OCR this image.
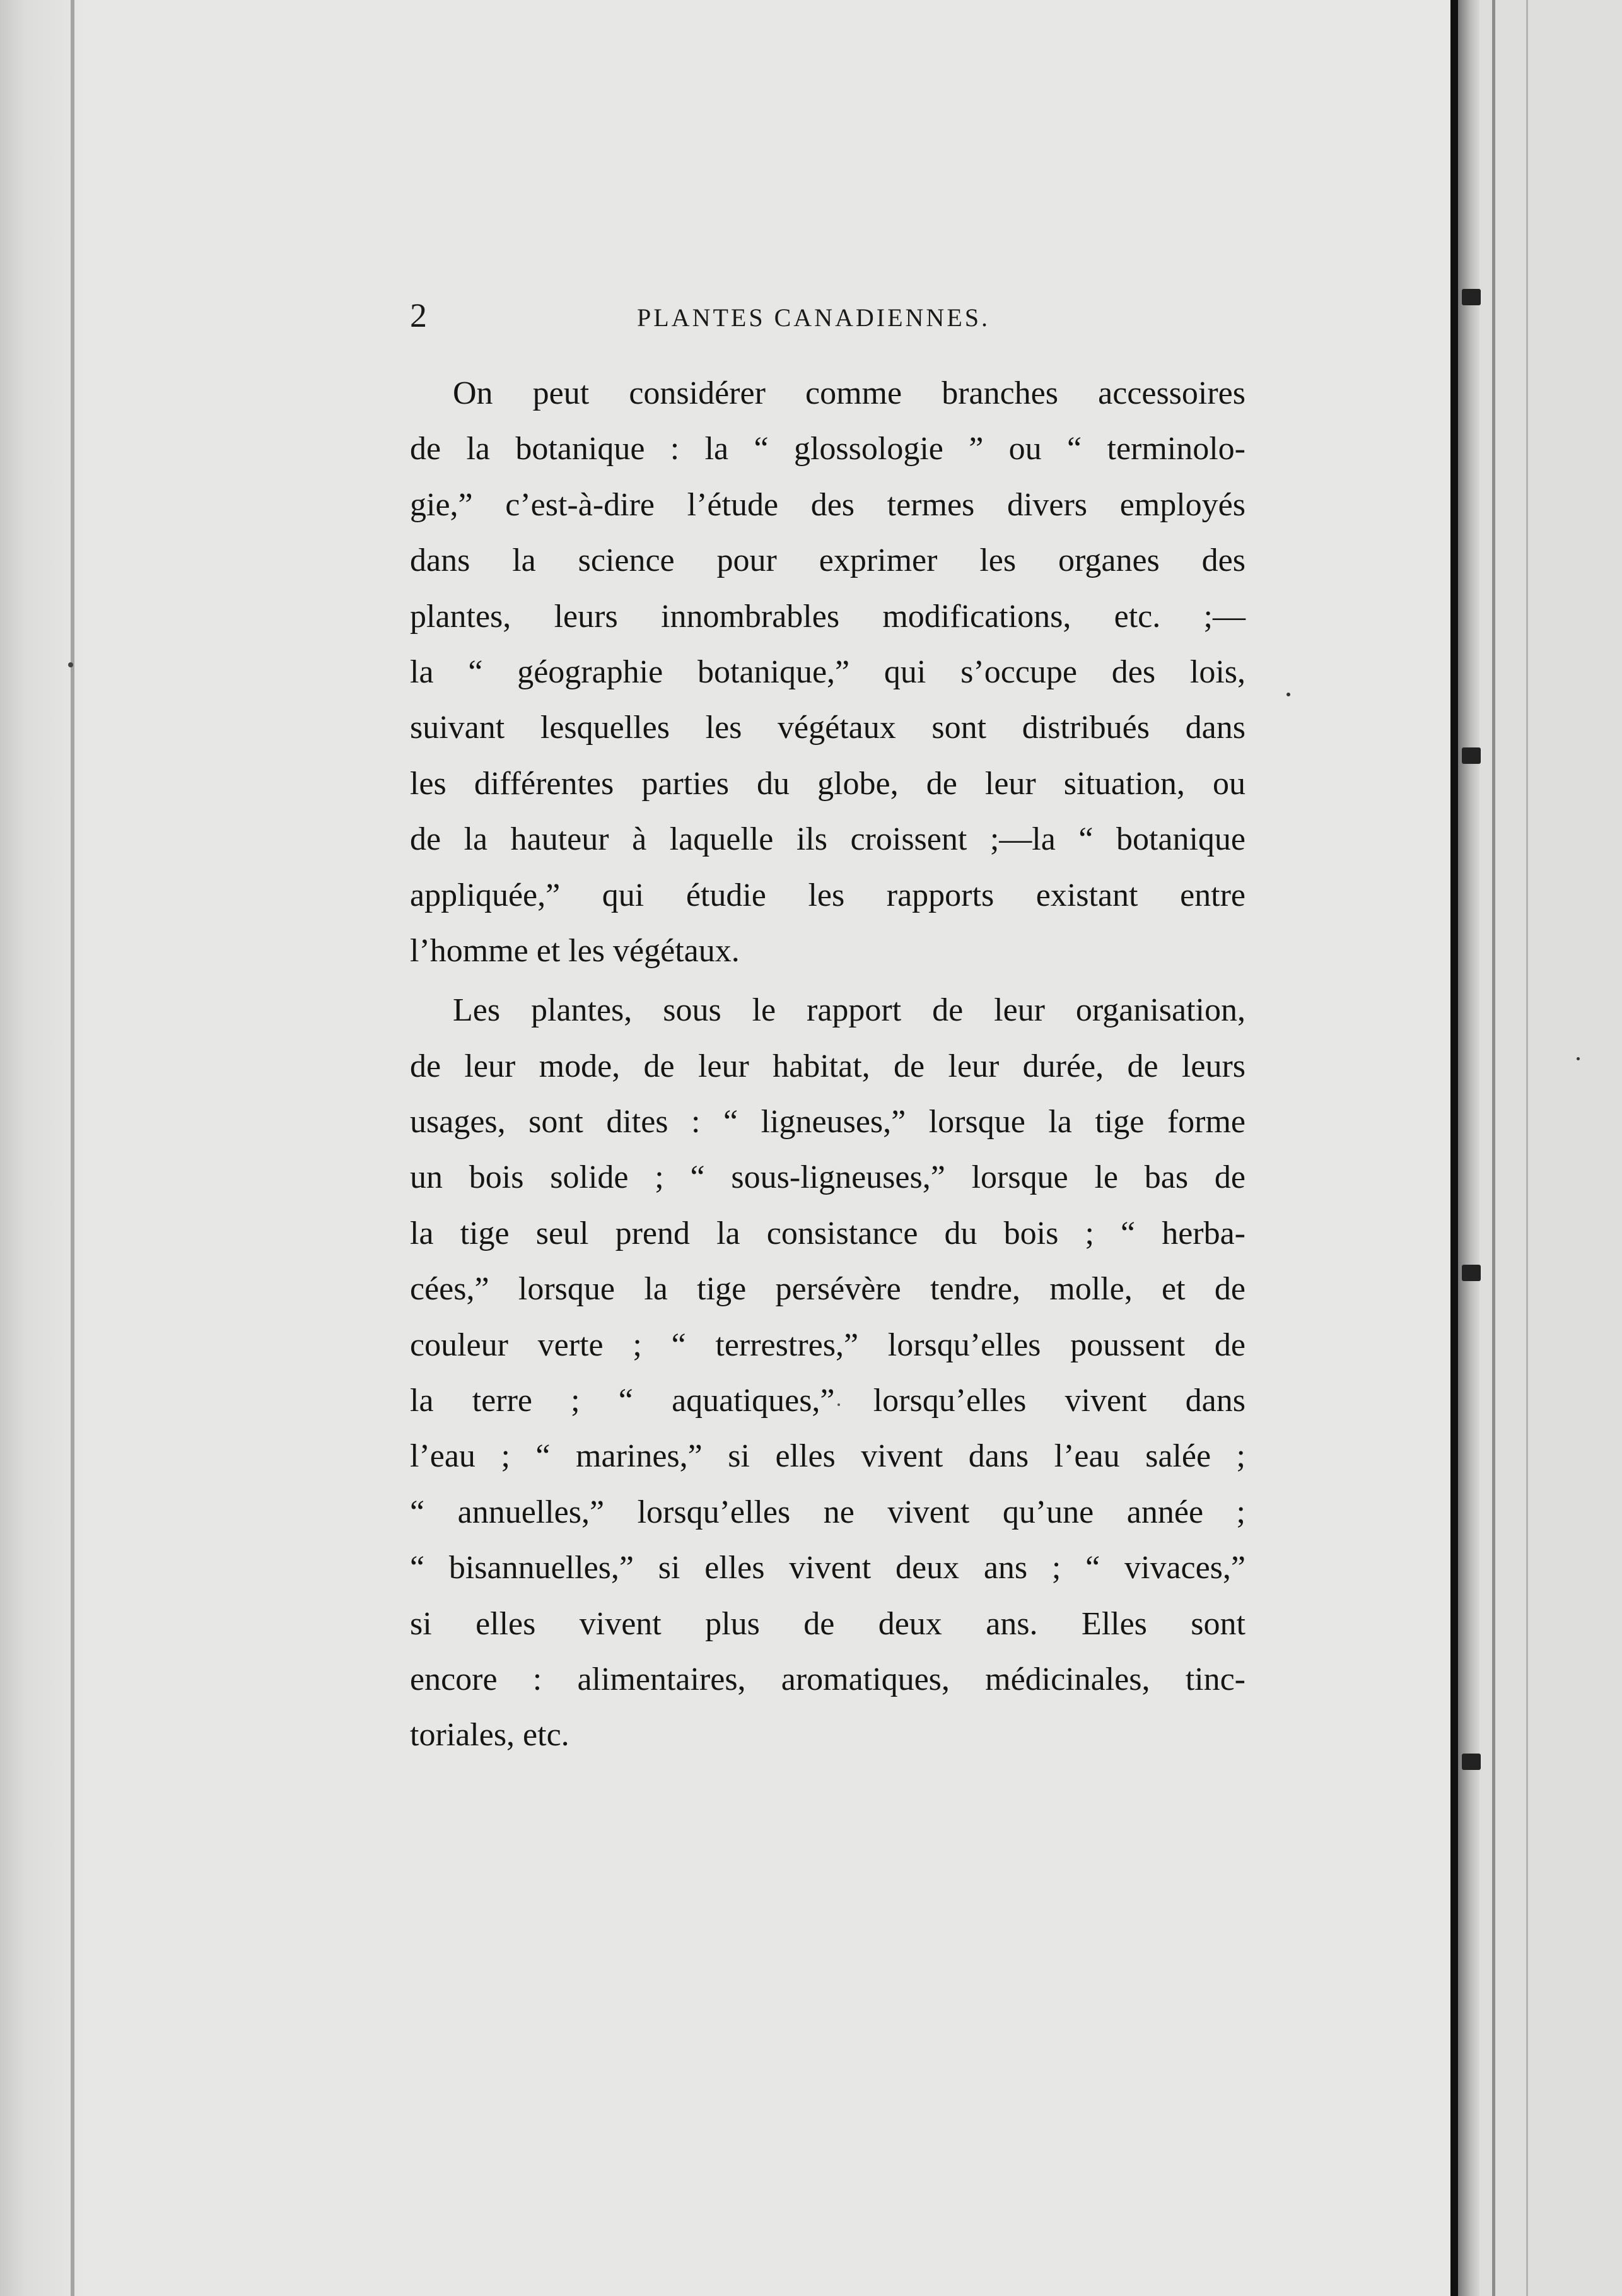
2	PLANTES CANADIENNES.

On peut considérer comme branches accessoires
de la botanique : la “ glossologie ” ou “ terminolo-
gie,” c’est-à-dire l’étude des termes divers employés
dans la science pour exprimer les organes des
plantes, leurs innombrables modifications, etc. ;—
la “ géographie botanique,” qui s’occupe des lois,
suivant lesquelles les végétaux sont distribués dans
les différentes parties du globe, de leur situation, ou
de la hauteur à laquelle ils croissent ;—la “ botanique
appliquée,” qui étudie les rapports existant entre
l’homme et les végétaux.

Les plantes, sous le rapport de leur organisation,
de leur mode, de leur habitat, de leur durée, de leurs
usages, sont dites : “ ligneuses,” lorsque la tige forme
un bois solide ; “ sous-ligneuses,” lorsque le bas de
la tige seul prend la consistance du bois ; “ herba-
cées,” lorsque la tige persévère tendre, molle, et de
couleur verte ; “ terrestres,” lorsqu’elles poussent de
la terre ; “ aquatiques,” lorsqu’elles vivent dans
l’eau ; “ marines,” si elles vivent dans l’eau salée ;
“ annuelles,” lorsqu’elles ne vivent qu’une année ;
“ bisannuelles,” si elles vivent deux ans ; “ vivaces,”
si elles vivent plus de deux ans. Elles sont
encore : alimentaires, aromatiques, médicinales, tinc-
toriales, etc.
